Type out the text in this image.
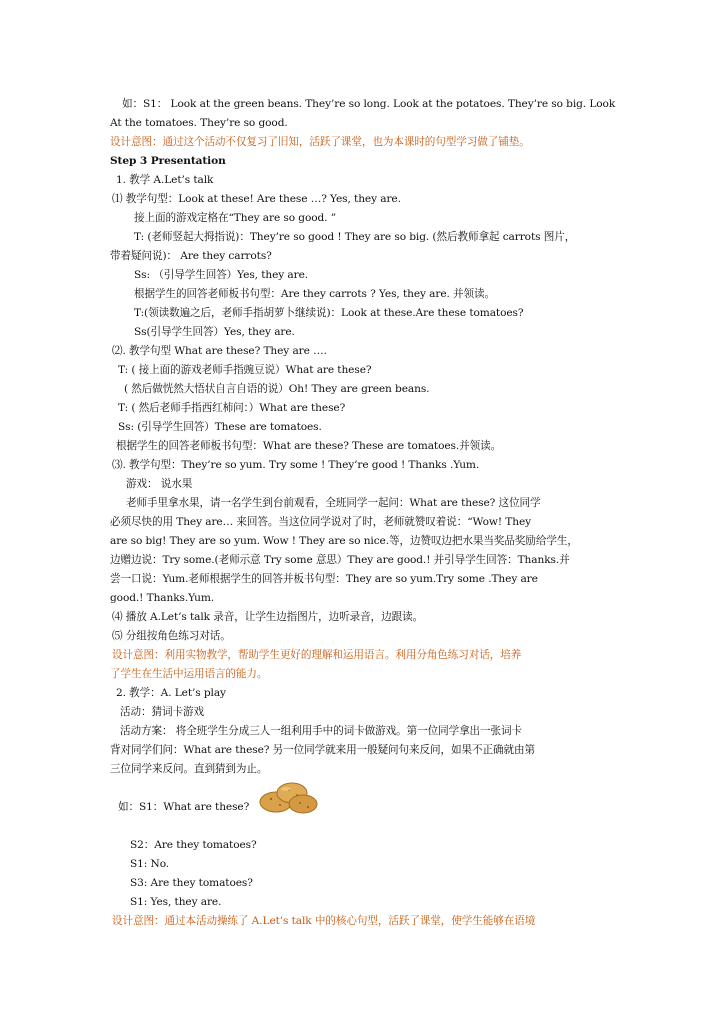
如：S1： Look at the green beans. They’re so long. Look at the potatoes. They’re so big. Look
At the tomatoes. They’re so good.
设计意图：通过这个活动不仅复习了旧知，活跃了课堂，也为本课时的句型学习做了铺垫。
Step 3 Presentation
1. 教学 A.Let’s talk
⑴ 教学句型：Look at these! Are these …? Yes, they are.
接上面的游戏定格在“They are so good. ”
T: (老师竖起大拇指说)：They’re so good ! They are so big. (然后教师拿起 carrots 图片，
带着疑问说)： Are they carrots?
Ss: （引导学生回答）Yes, they are.
根据学生的回答老师板书句型：Are they carrots ? Yes, they are. 并领读。
T:(领读数遍之后，老师手指胡萝卜继续说)：Look at these.Are these tomatoes?
Ss(引导学生回答）Yes, they are.
⑵. 教学句型 What are these? They are ….
T: ( 接上面的游戏老师手指豌豆说）What are these?
( 然后做恍然大悟状自言自语的说）Oh! They are green beans.
T: ( 然后老师手指西红柿问：）What are these?
Ss: (引导学生回答）These are tomatoes.
根据学生的回答老师板书句型：What are these? These are tomatoes.并领读。
⑶. 教学句型：They’re so yum. Try some ! They’re good ! Thanks .Yum.
游戏： 说水果
老师手里拿水果，请一名学生到台前观看，全班同学一起问：What are these? 这位同学
必须尽快的用 They are… 来回答。当这位同学说对了时，老师就赞叹着说：“Wow! They
are so big! They are so yum. Wow ! They are so nice.等，边赞叹边把水果当奖品奖励给学生，
边赠边说：Try some.(老师示意 Try some 意思）They are good.! 并引导学生回答：Thanks.并
尝一口说：Yum.老师根据学生的回答并板书句型：They are so yum.Try some .They are
good.! Thanks.Yum.
⑷ 播放 A.Let’s talk 录音，让学生边指图片，边听录音，边跟读。
⑸ 分组按角色练习对话。
设计意图：利用实物教学，帮助学生更好的理解和运用语言。利用分角色练习对话，培养
了学生在生活中运用语言的能力。
2. 教学：A. Let’s play
活动：猜词卡游戏
活动方案： 将全班学生分成三人一组利用手中的词卡做游戏。第一位同学拿出一张词卡
背对同学们问：What are these? 另一位同学就来用一般疑问句来反问，如果不正确就由第
三位同学来反问。直到猜到为止。
如：S1：What are these?
S2：Are they tomatoes?
S1: No.
S3: Are they tomatoes?
S1: Yes, they are.
设计意图：通过本活动操练了 A.Let’s talk 中的核心句型，活跃了课堂，使学生能够在语境
